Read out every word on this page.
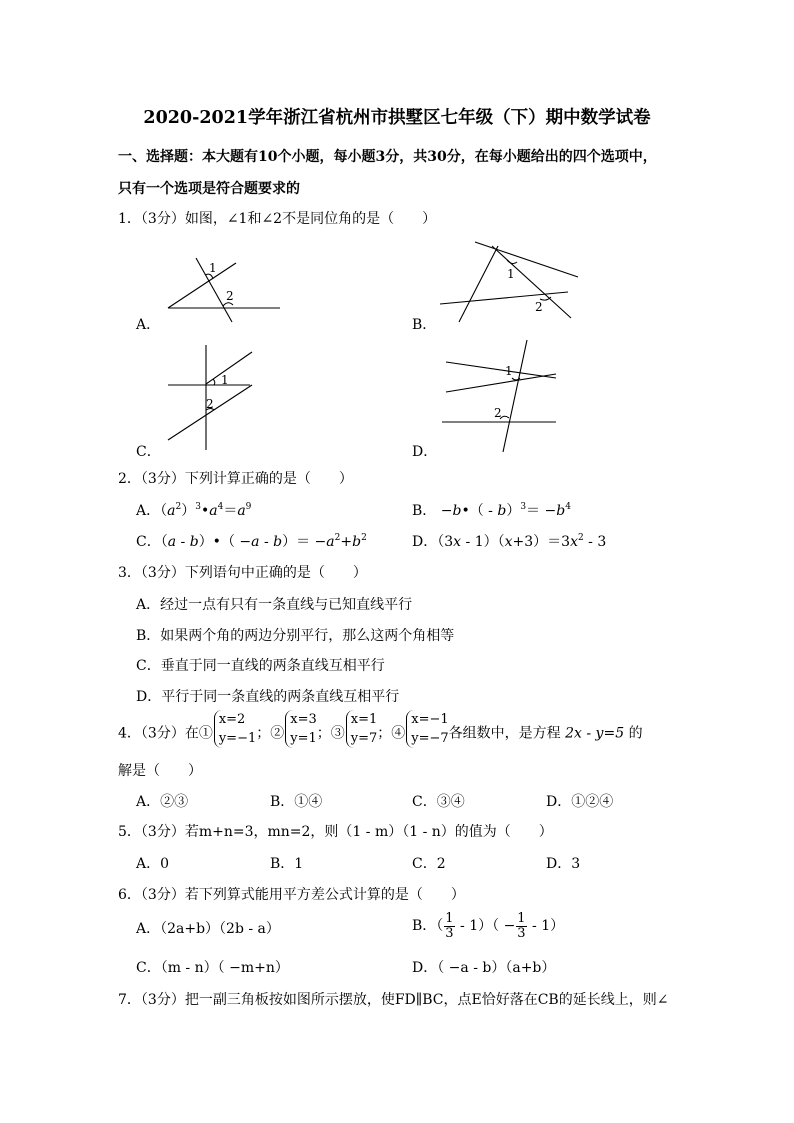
2020-2021学年浙江省杭州市拱墅区七年级（下）期中数学试卷
一、选择题：本大题有10个小题，每小题3分，共30分，在每小题给出的四个选项中，
只有一个选项是符合题要求的
1．（3分）如图，∠1和∠2不是同位角的是（　　）
1
2
1
2
1
2
1
2
A．	B．
C．	D．
2．（3分）下列计算正确的是（　　）
A．$(a^2)^3•a^4=a^9$	B． −b•（ - $b)^3= -b^4$
C．（a - b）•（ $-a - b)= -a^2+b^2$	D．$(3x - 1)(x+3)=3x^2 - 3$
3．（3分）下列语句中正确的是（　　）
A．经过一点有只有一条直线与已知直线平行
B．如果两个角的两边分别平行，那么这两个角相等
C．垂直于同一直线的两条直线互相平行
D．平行于同一条直线的两条直线互相平行
4．（3分）在①x=2
y=−1；②x=3
y=1；③x=1
y=7；④x=−1
y=−7各组数中，是方程 2x - y=5 的
解是（　　）
A．②③	B．①④	C．③④	D．①②④
5．（3分）若m+n=3，mn=2，则（1 - m）（1 - n）的值为（　　）
A．0	B．1	C．2	D．3
6．（3分）若下列算式能用平方差公式计算的是（　　）
A．（2a+b）（2b - a）	B．（ $\frac{1}{3} - 1)( - \frac{1}{3} - 1)$
C．（m - n）（ −m+n）	D．（ −a - b）（a+b）
7．（3分）把一副三角板按如图所示摆放，使FD∥BC，点E恰好落在CB的延长线上，则∠
